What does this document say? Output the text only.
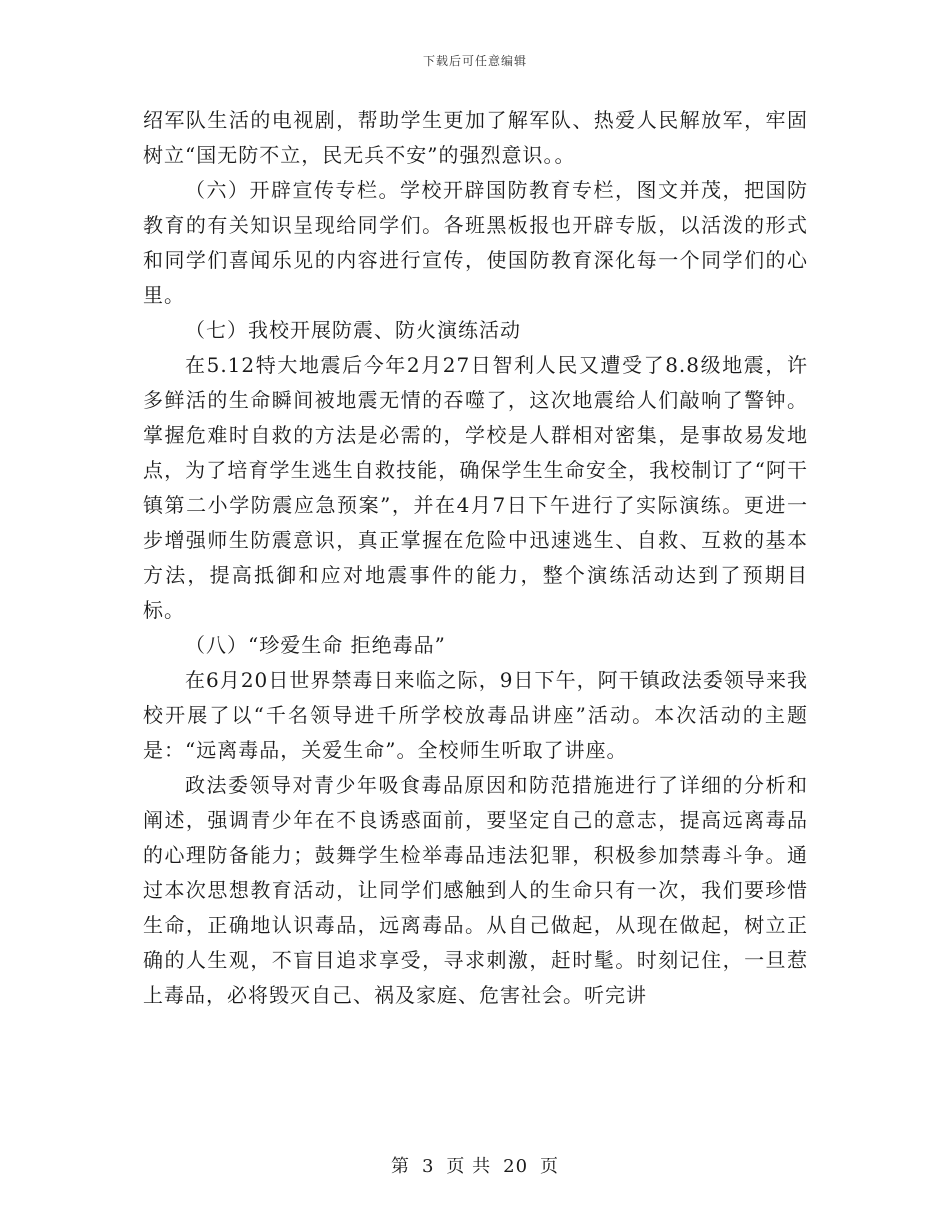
下载后可任意编辑

绍军队生活的电视剧，帮助学生更加了解军队、热爱人民解放军，牢固树立“国无防不立，民无兵不安”的强烈意识。。

（六）开辟宣传专栏。学校开辟国防教育专栏，图文并茂，把国防教育的有关知识呈现给同学们。各班黑板报也开辟专版，以活泼的形式和同学们喜闻乐见的内容进行宣传，使国防教育深化每一个同学们的心里。

（七）我校开展防震、防火演练活动

在5.12特大地震后今年2月27日智利人民又遭受了8.8级地震，许多鲜活的生命瞬间被地震无情的吞噬了，这次地震给人们敲响了警钟。掌握危难时自救的方法是必需的，学校是人群相对密集，是事故易发地点，为了培育学生逃生自救技能，确保学生生命安全，我校制订了“阿干镇第二小学防震应急预案”，并在4月7日下午进行了实际演练。更进一步增强师生防震意识，真正掌握在危险中迅速逃生、自救、互救的基本方法，提高抵御和应对地震事件的能力，整个演练活动达到了预期目标。

（八）“珍爱生命 拒绝毒品”

在6月20日世界禁毒日来临之际，9日下午，阿干镇政法委领导来我校开展了以“千名领导进千所学校放毒品讲座”活动。本次活动的主题是：“远离毒品，关爱生命”。全校师生听取了讲座。

政法委领导对青少年吸食毒品原因和防范措施进行了详细的分析和阐述，强调青少年在不良诱惑面前，要坚定自己的意志，提高远离毒品的心理防备能力；鼓舞学生检举毒品违法犯罪，积极参加禁毒斗争。通过本次思想教育活动，让同学们感触到人的生命只有一次，我们要珍惜生命，正确地认识毒品，远离毒品。从自己做起，从现在做起，树立正确的人生观，不盲目追求享受，寻求刺激，赶时髦。时刻记住，一旦惹上毒品，必将毁灭自己、祸及家庭、危害社会。听完讲

第 3 页 共 20 页
